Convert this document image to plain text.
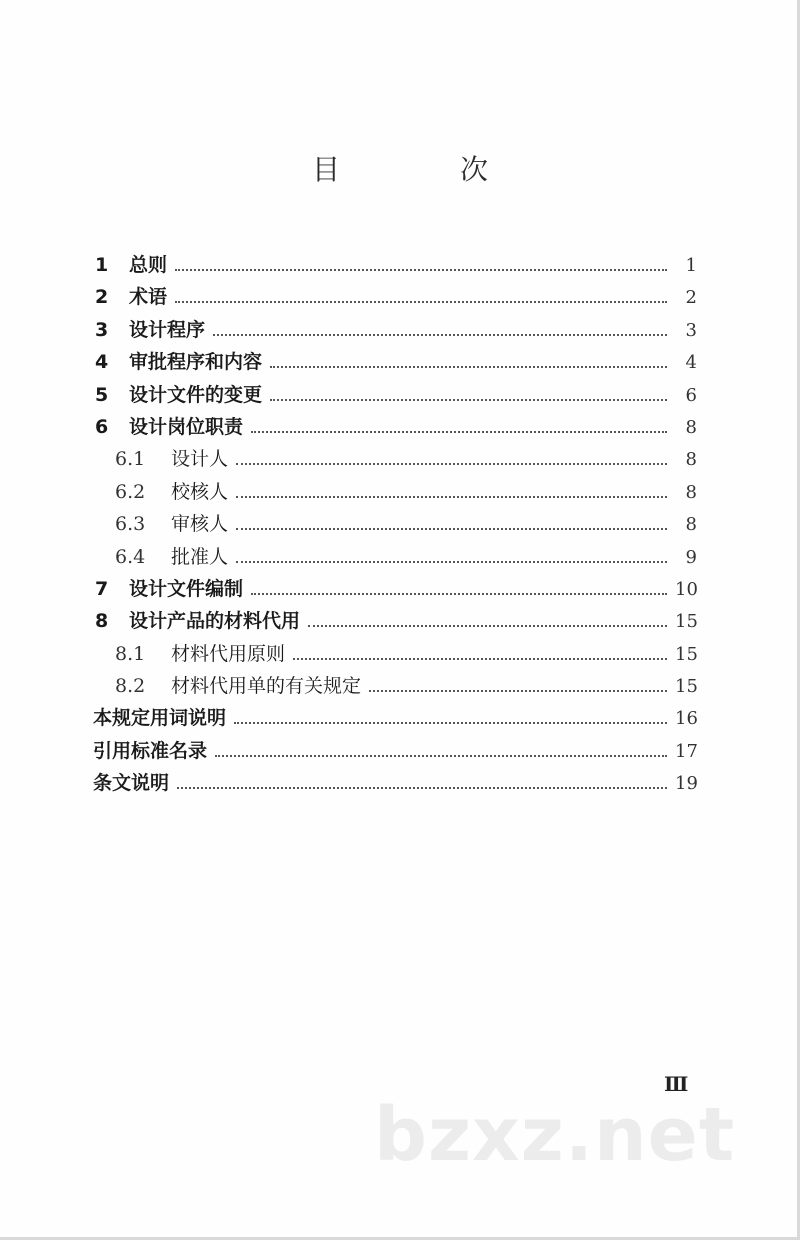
目　次
1	总则	1
2	术语	2
3	设计程序	3
4	审批程序和内容	4
5	设计文件的变更	6
6	设计岗位职责	8
6.1	设计人	8
6.2	校核人	8
6.3	审核人	8
6.4	批准人	9
7	设计文件编制	10
8	设计产品的材料代用	15
8.1	材料代用原则	15
8.2	材料代用单的有关规定	15
本规定用词说明	16
引用标准名录	17
条文说明	19
Ⅲ
bzxz.net
